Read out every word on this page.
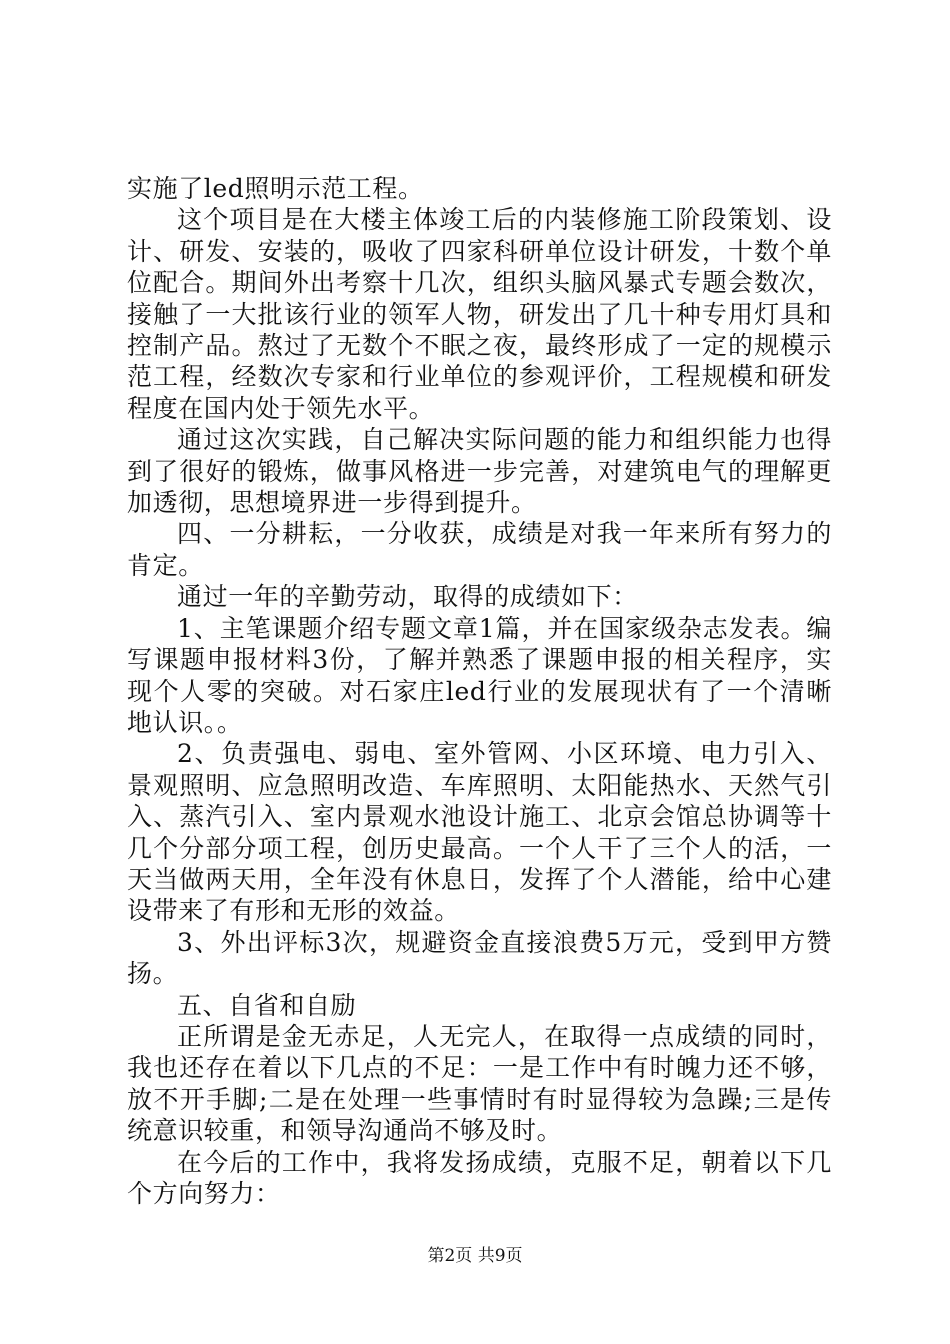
实施了led照明示范工程。

这个项目是在大楼主体竣工后的内装修施工阶段策划、设计、研发、安装的，吸收了四家科研单位设计研发，十数个单位配合。期间外出考察十几次，组织头脑风暴式专题会数次，接触了一大批该行业的领军人物，研发出了几十种专用灯具和控制产品。熬过了无数个不眠之夜，最终形成了一定的规模示范工程，经数次专家和行业单位的参观评价，工程规模和研发程度在国内处于领先水平。

通过这次实践，自己解决实际问题的能力和组织能力也得到了很好的锻炼，做事风格进一步完善，对建筑电气的理解更加透彻，思想境界进一步得到提升。

四、一分耕耘，一分收获，成绩是对我一年来所有努力的肯定。

通过一年的辛勤劳动，取得的成绩如下：

1、主笔课题介绍专题文章1篇，并在国家级杂志发表。编写课题申报材料3份，了解并熟悉了课题申报的相关程序，实现个人零的突破。对石家庄led行业的发展现状有了一个清晰地认识。。

2、负责强电、弱电、室外管网、小区环境、电力引入、景观照明、应急照明改造、车库照明、太阳能热水、天然气引入、蒸汽引入、室内景观水池设计施工、北京会馆总协调等十几个分部分项工程，创历史最高。一个人干了三个人的活，一天当做两天用，全年没有休息日，发挥了个人潜能，给中心建设带来了有形和无形的效益。

3、外出评标3次，规避资金直接浪费5万元，受到甲方赞扬。

五、自省和自励

正所谓是金无赤足，人无完人，在取得一点成绩的同时，我也还存在着以下几点的不足：一是工作中有时魄力还不够，放不开手脚;二是在处理一些事情时有时显得较为急躁;三是传统意识较重，和领导沟通尚不够及时。

在今后的工作中，我将发扬成绩，克服不足，朝着以下几个方向努力：

第2页 共9页
